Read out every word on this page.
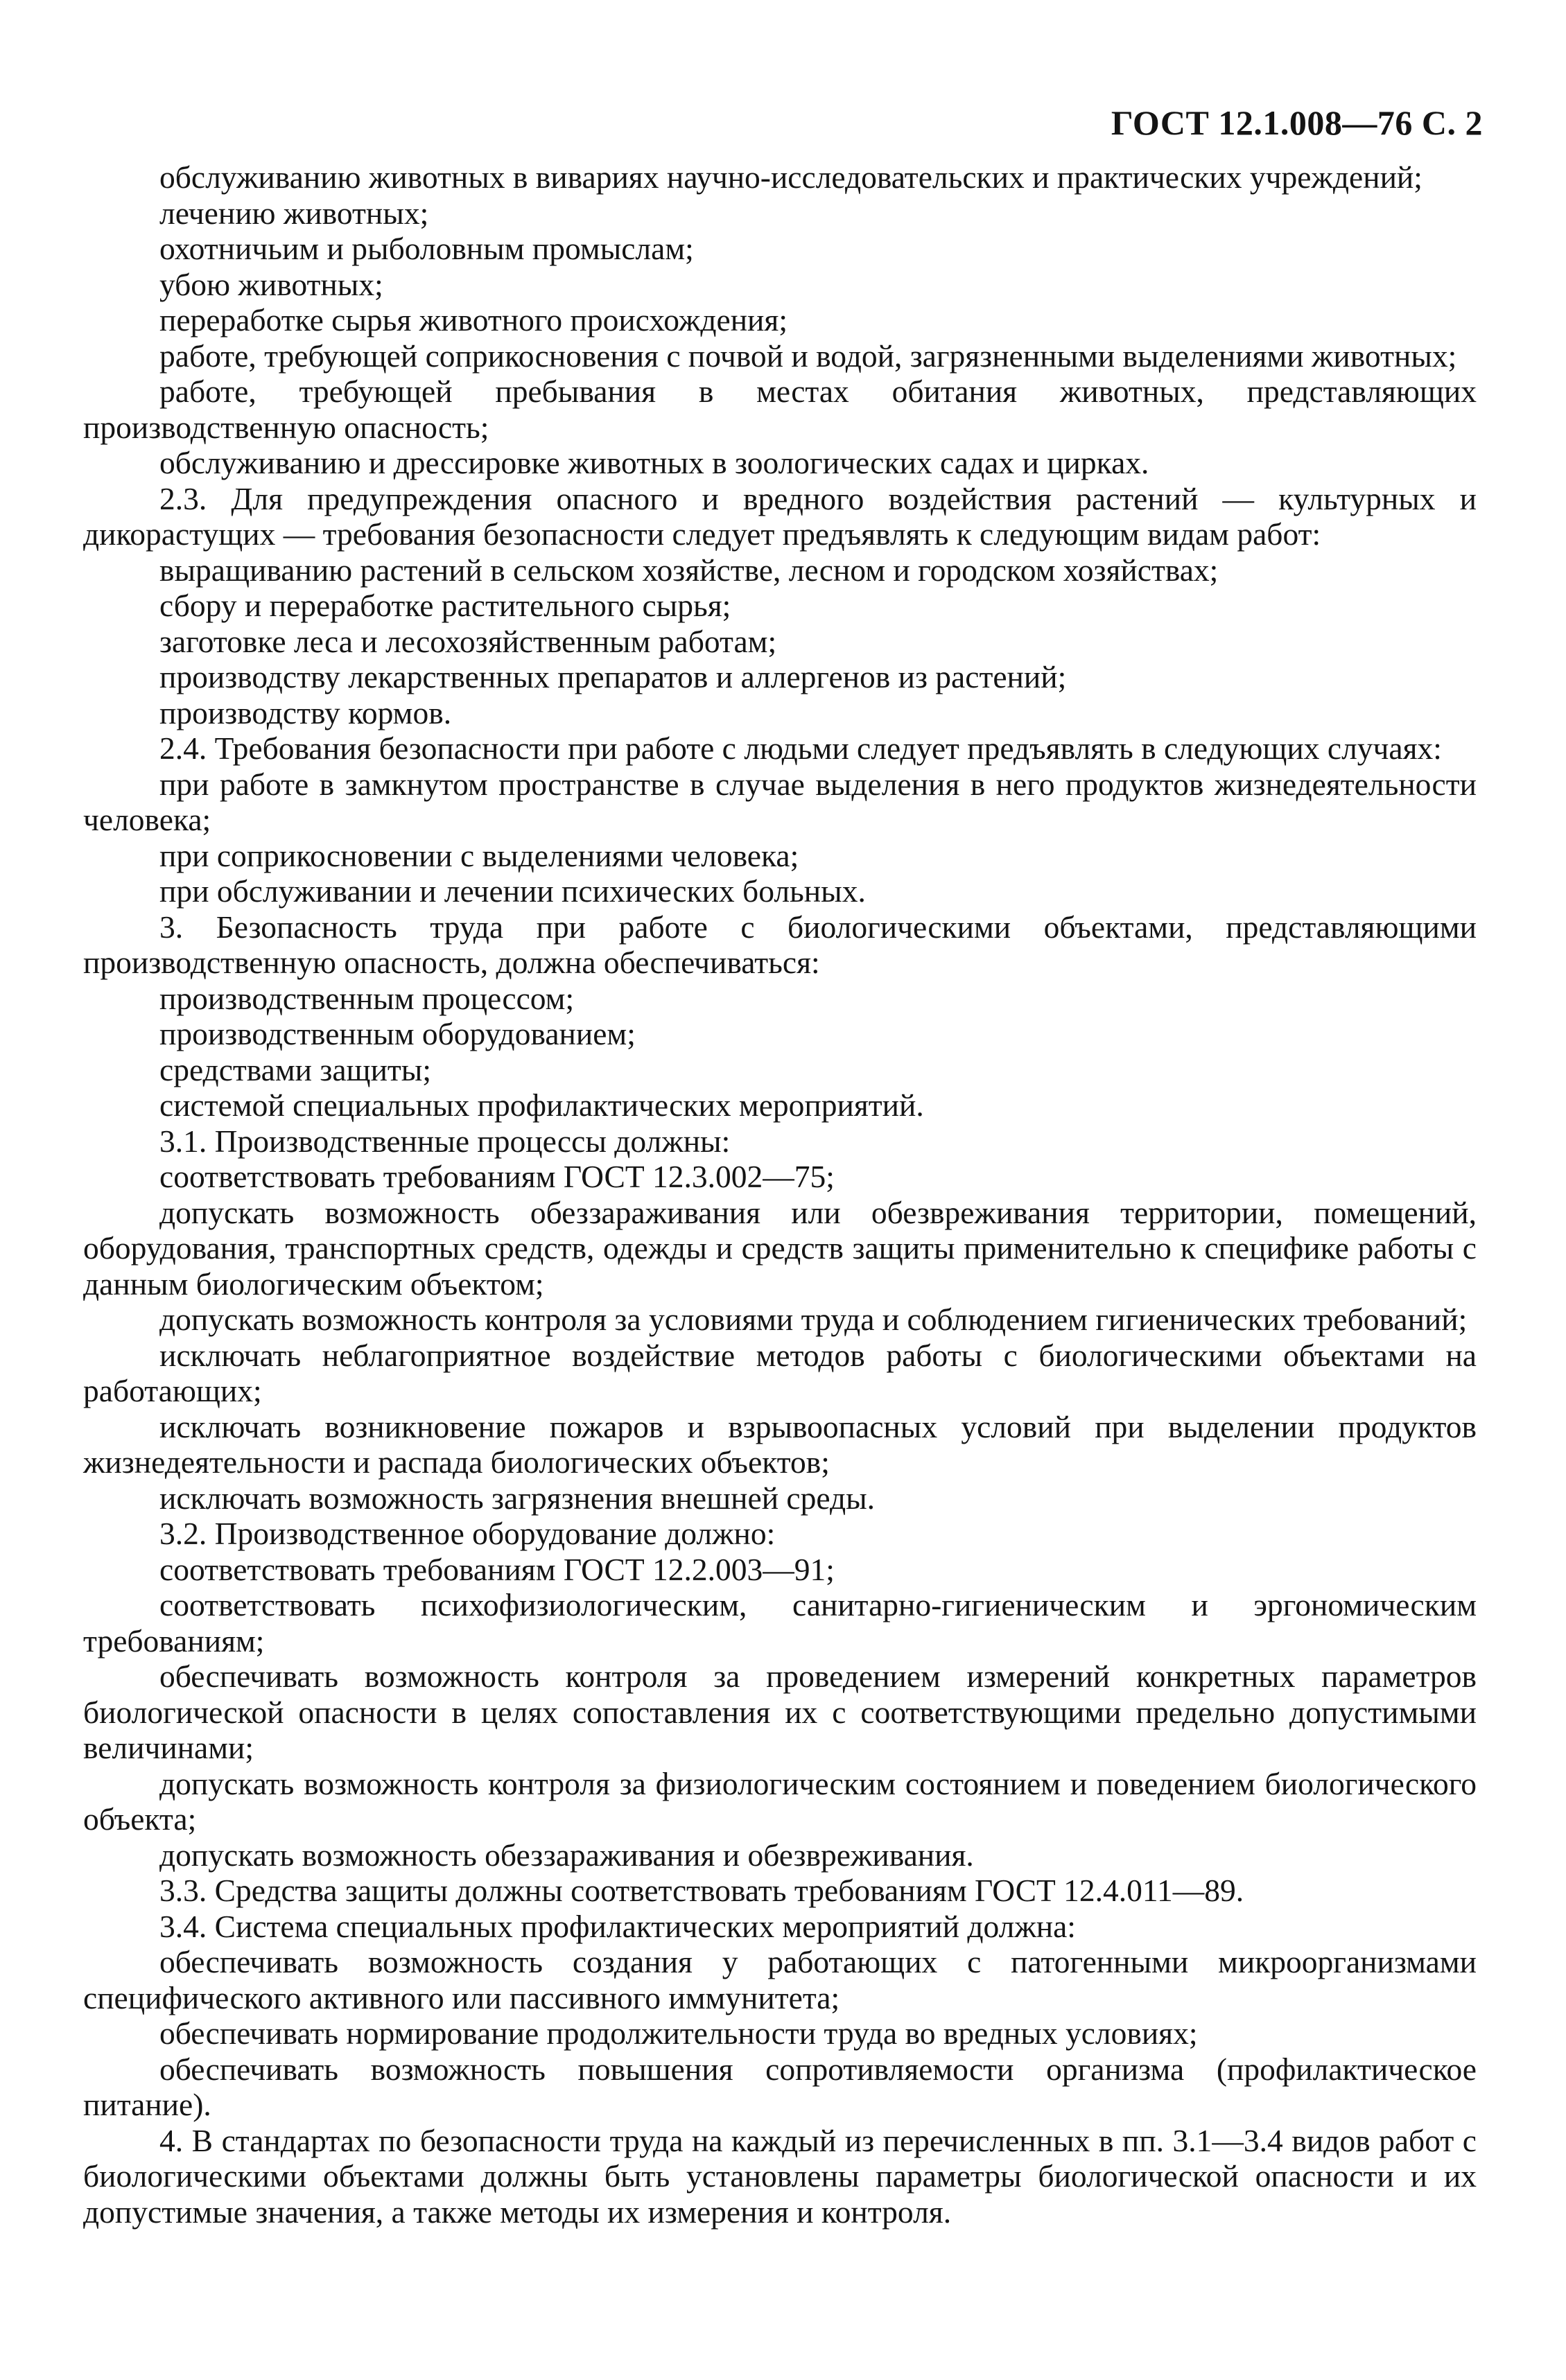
ГОСТ 12.1.008—76 С. 2

обслуживанию животных в вивариях научно-исследовательских и практических учреждений;

лечению животных;

охотничьим и рыболовным промыслам;

убою животных;

переработке сырья животного происхождения;

работе, требующей соприкосновения с почвой и водой, загрязненными выделениями животных;

работе, требующей пребывания в местах обитания животных, представляющих производственную опасность;

обслуживанию и дрессировке животных в зоологических садах и цирках.

2.3. Для предупреждения опасного и вредного воздействия растений — культурных и дикорастущих — требования безопасности следует предъявлять к следующим видам работ:

выращиванию растений в сельском хозяйстве, лесном и городском хозяйствах;

сбору и переработке растительного сырья;

заготовке леса и лесохозяйственным работам;

производству лекарственных препаратов и аллергенов из растений;

производству кормов.

2.4. Требования безопасности при работе с людьми следует предъявлять в следующих случаях:

при работе в замкнутом пространстве в случае выделения в него продуктов жизнедеятельности человека;

при соприкосновении с выделениями человека;

при обслуживании и лечении психических больных.

3. Безопасность труда при работе с биологическими объектами, представляющими производственную опасность, должна обеспечиваться:

производственным процессом;

производственным оборудованием;

средствами защиты;

системой специальных профилактических мероприятий.

3.1. Производственные процессы должны:

соответствовать требованиям ГОСТ 12.3.002—75;

допускать возможность обеззараживания или обезвреживания территории, помещений, оборудования, транспортных средств, одежды и средств защиты применительно к специфике работы с данным биологическим объектом;

допускать возможность контроля за условиями труда и соблюдением гигиенических требований;

исключать неблагоприятное воздействие методов работы с биологическими объектами на работающих;

исключать возникновение пожаров и взрывоопасных условий при выделении продуктов жизнедеятельности и распада биологических объектов;

исключать возможность загрязнения внешней среды.

3.2. Производственное оборудование должно:

соответствовать требованиям ГОСТ 12.2.003—91;

соответствовать психофизиологическим, санитарно-гигиеническим и эргономическим требованиям;

обеспечивать возможность контроля за проведением измерений конкретных параметров биологической опасности в целях сопоставления их с соответствующими предельно допустимыми величинами;

допускать возможность контроля за физиологическим состоянием и поведением биологического объекта;

допускать возможность обеззараживания и обезвреживания.

3.3. Средства защиты должны соответствовать требованиям ГОСТ 12.4.011—89.

3.4. Система специальных профилактических мероприятий должна:

обеспечивать возможность создания у работающих с патогенными микроорганизмами специфического активного или пассивного иммунитета;

обеспечивать нормирование продолжительности труда во вредных условиях;

обеспечивать возможность повышения сопротивляемости организма (профилактическое питание).

4. В стандартах по безопасности труда на каждый из перечисленных в пп. 3.1—3.4 видов работ с биологическими объектами должны быть установлены параметры биологической опасности и их допустимые значения, а также методы их измерения и контроля.
